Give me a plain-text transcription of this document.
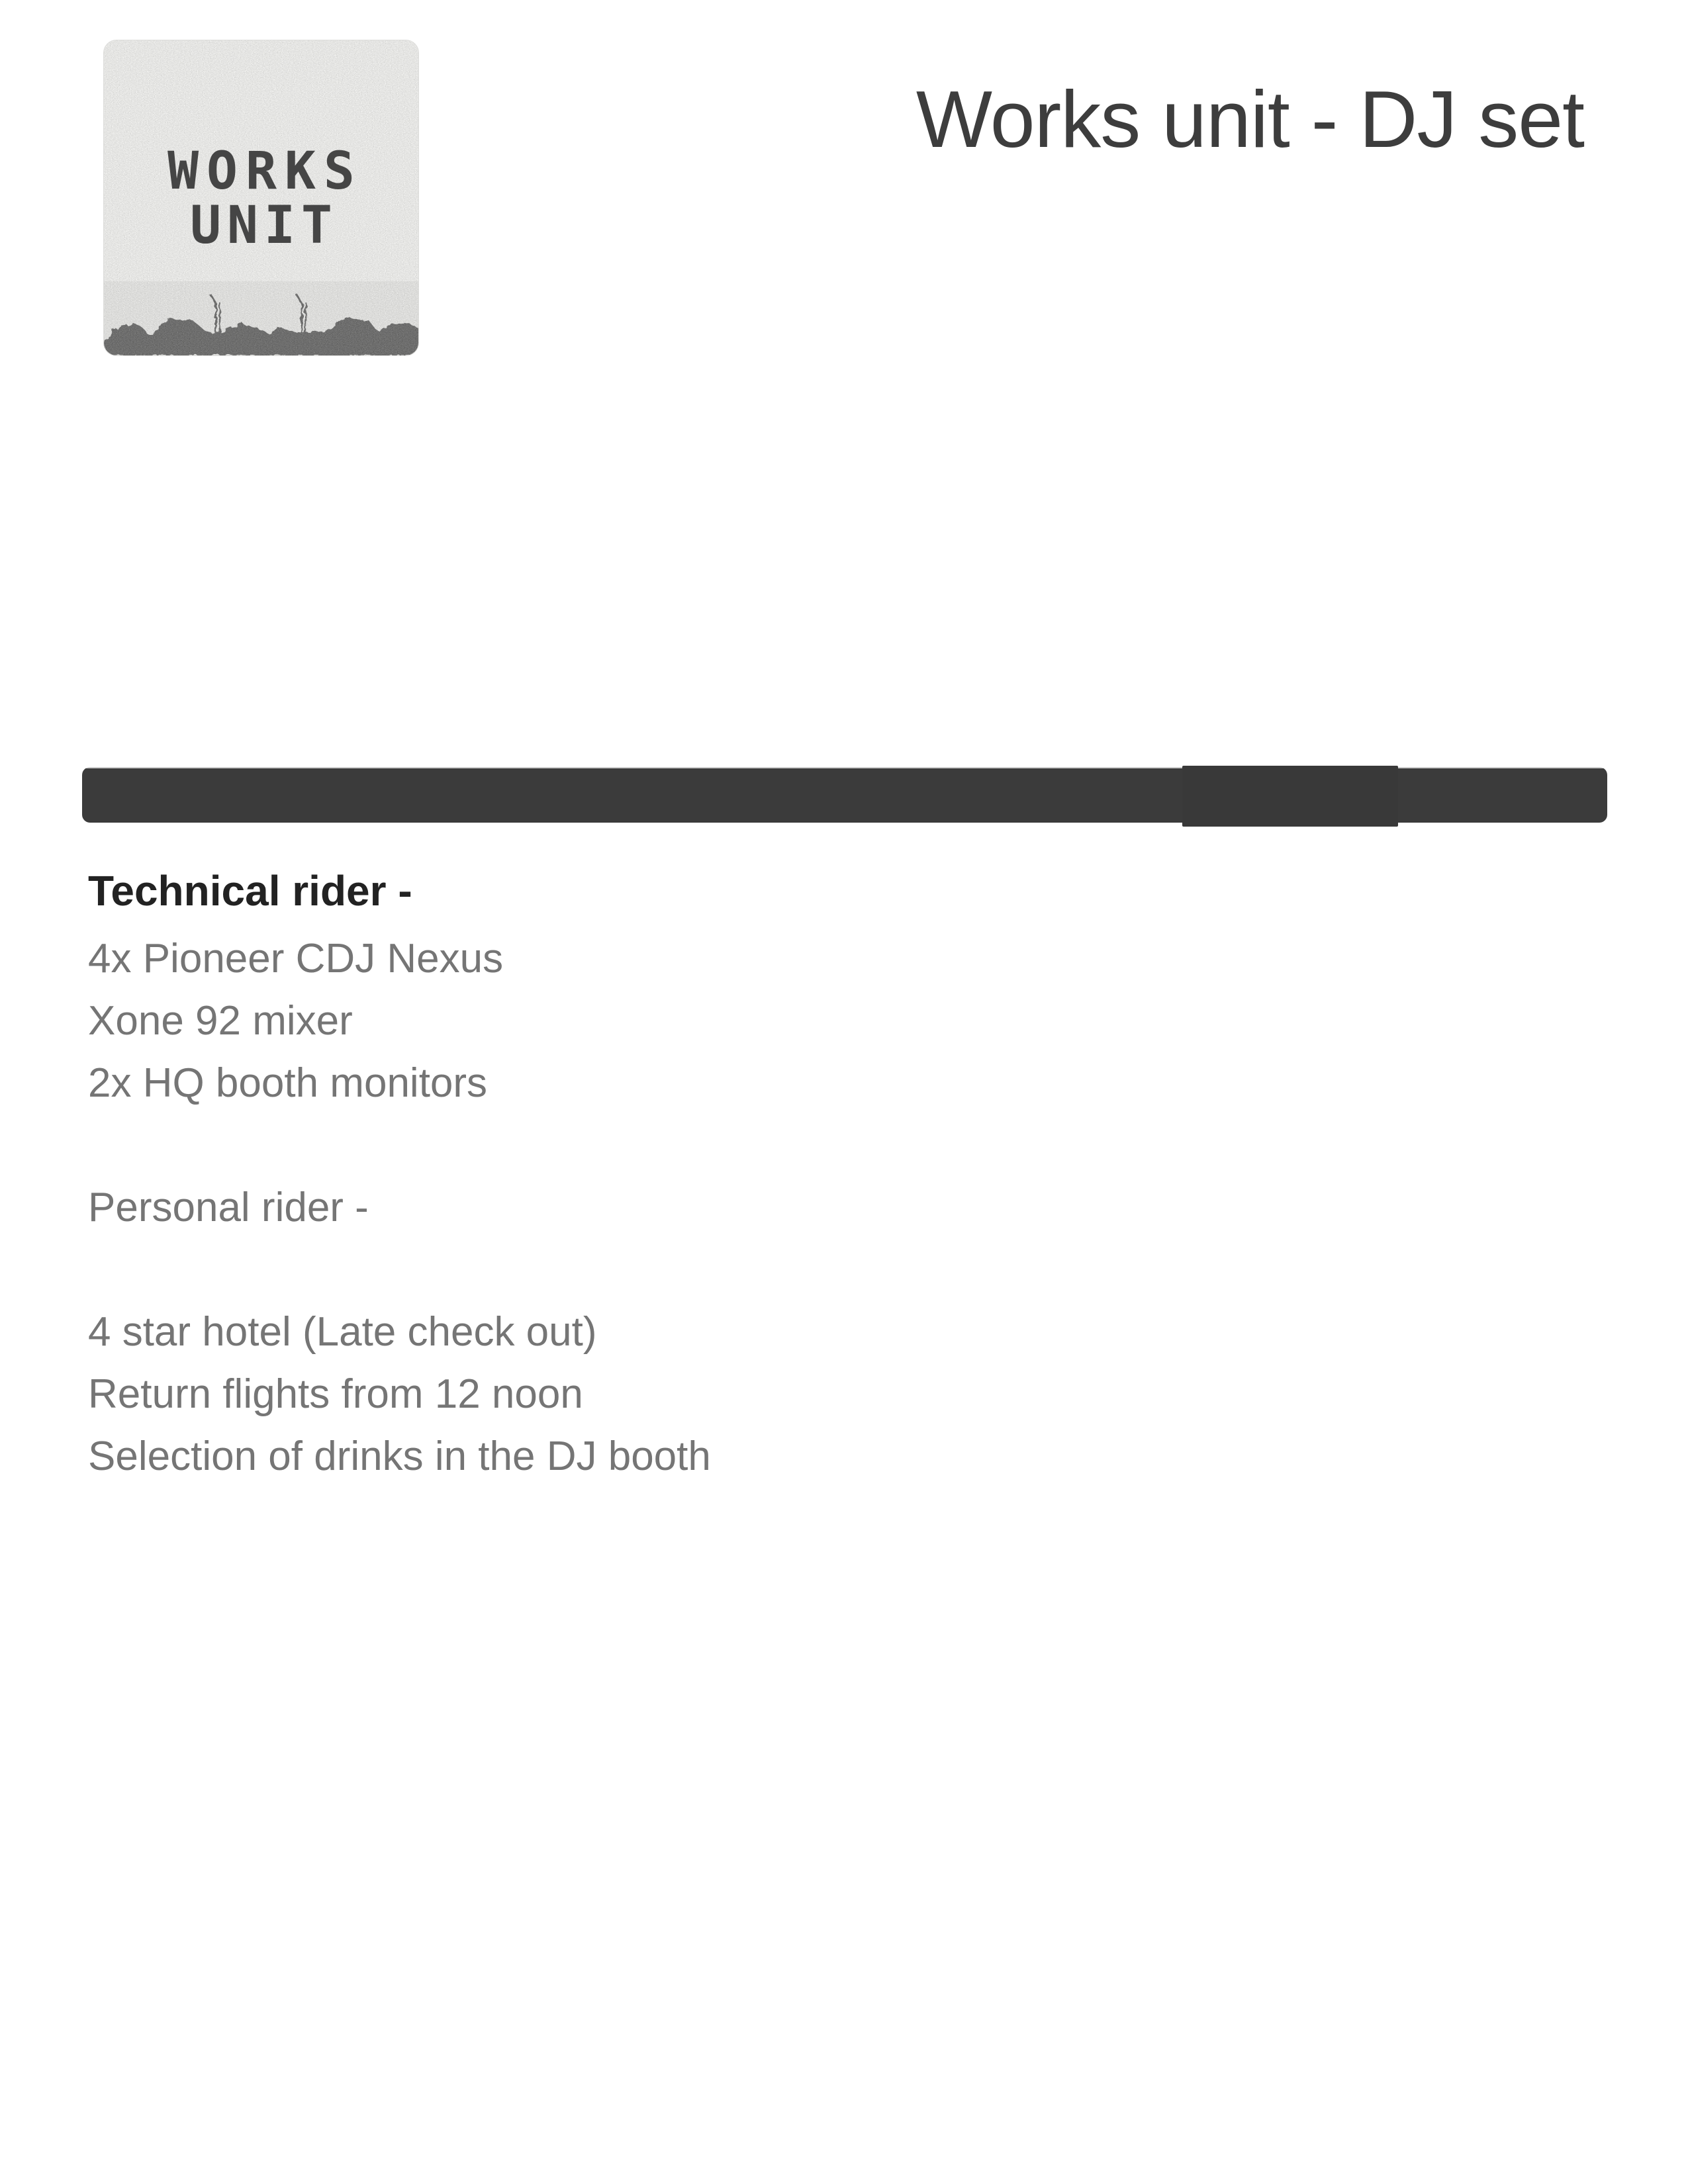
WORKS
UNIT
Works unit - DJ set
Technical rider -
4x Pioneer CDJ Nexus
Xone 92 mixer
2x HQ booth monitors
Personal rider -
4 star hotel (Late check out)
Return flights from 12 noon
Selection of drinks in the DJ booth
